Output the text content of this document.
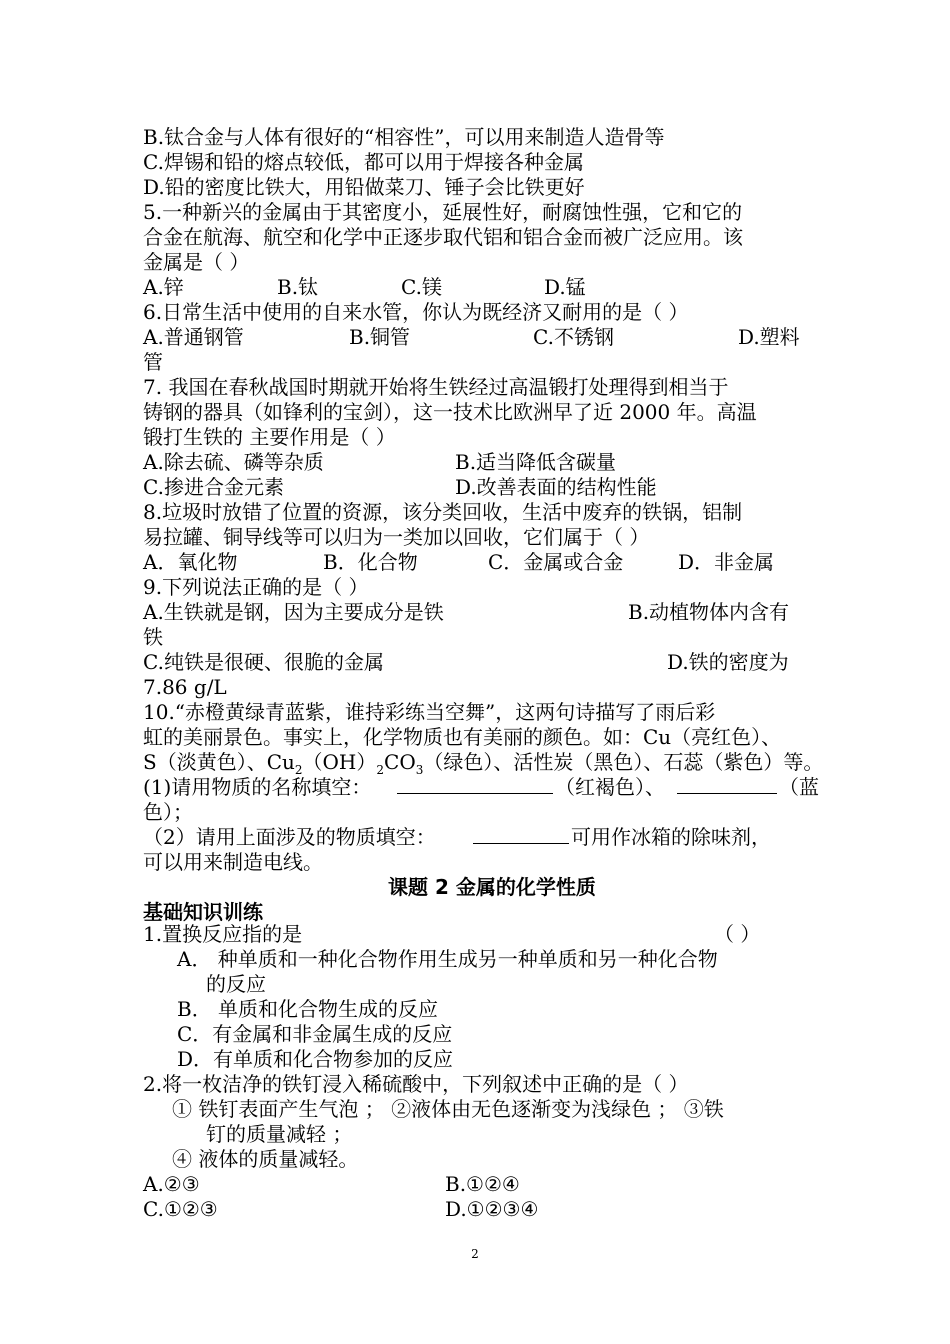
B.钛合金与人体有很好的“相容性”，可以用来制造人造骨等
C.焊锡和铅的熔点较低，都可以用于焊接各种金属
D.铅的密度比铁大，用铅做菜刀、锤子会比铁更好
5.一种新兴的金属由于其密度小，延展性好，耐腐蚀性强，它和它的
合金在航海、航空和化学中正逐步取代铝和铝合金而被广泛应用。该
金属是（ ）
A.锌	B.钛	C.镁	D.锰
6.日常生活中使用的自来水管，你认为既经济又耐用的是（ ）
A.普通钢管	B.铜管	C.不锈钢	D.塑料
管
7. 我国在春秋战国时期就开始将生铁经过高温锻打处理得到相当于
铸钢的器具（如锋利的宝剑），这一技术比欧洲早了近 2000 年。高温
锻打生铁的 主要作用是（ ）
A.除去硫、磷等杂质	B.适当降低含碳量
C.掺进合金元素	D.改善表面的结构性能
8.垃圾时放错了位置的资源，该分类回收，生活中废弃的铁锅，铝制
易拉罐、铜导线等可以归为一类加以回收，它们属于（ ）
A．氧化物	B．化合物	C．金属或合金	D．非金属
9.下列说法正确的是（ ）
A.生铁就是钢，因为主要成分是铁	B.动植物体内含有
铁
C.纯铁是很硬、很脆的金属	D.铁的密度为
7.86 g/L
10.“赤橙黄绿青蓝紫，谁持彩练当空舞”，这两句诗描写了雨后彩
虹的美丽景色。事实上，化学物质也有美丽的颜色。如：Cu（亮红色）、
S（淡黄色）、$Cu_2(OH)_2CO_3$（绿色）、活性炭（黑色）、石蕊（紫色）等。
(1)请用物质的名称填空：	（红褐色）、	（蓝
色）；
（2）请用上面涉及的物质填空：	可用作冰箱的除味剂，
可以用来制造电线。
课题 2 金属的化学性质
基础知识训练
1.置换反应指的是	（ ）
A． 种单质和一种化合物作用生成另一种单质和另一种化合物
的反应
B． 单质和化合物生成的反应
C．有金属和非金属生成的反应
D．有单质和化合物参加的反应
2.将一枚洁净的铁钉浸入稀硫酸中，下列叙述中正确的是（ ）
① 铁钉表面产生气泡 ； ②液体由无色逐渐变为浅绿色 ； ③铁
钉的质量减轻 ；
④ 液体的质量减轻。
A.②③	B.①②④
C.①②③	D.①②③④
2
